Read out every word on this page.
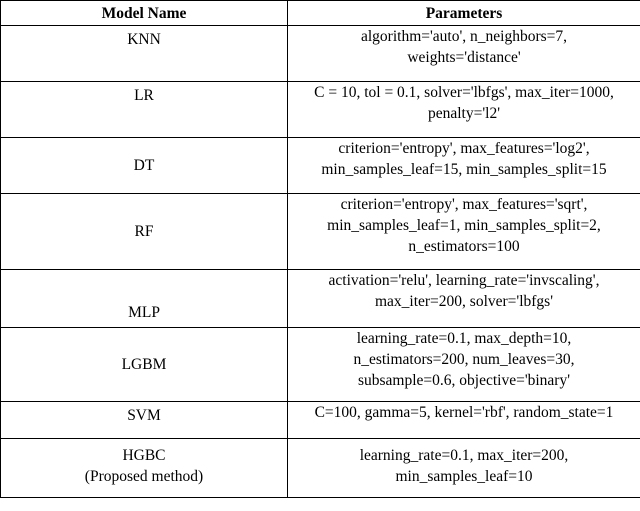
Model Name	Parameters

KNN	algorithm='auto', n_neighbors=7,
weights='distance'

LR	C = 10, tol = 0.1, solver='lbfgs', max_iter=1000,
penalty='l2'

DT	criterion='entropy', max_features='log2',
min_samples_leaf=15, min_samples_split=15

RF	criterion='entropy', max_features='sqrt',
min_samples_leaf=1, min_samples_split=2,
n_estimators=100

MLP	activation='relu', learning_rate='invscaling',
max_iter=200, solver='lbfgs'

LGBM	learning_rate=0.1, max_depth=10,
n_estimators=200, num_leaves=30,
subsample=0.6, objective='binary'

SVM	C=100, gamma=5, kernel='rbf', random_state=1

HGBC
(Proposed method)	learning_rate=0.1, max_iter=200,
min_samples_leaf=10
